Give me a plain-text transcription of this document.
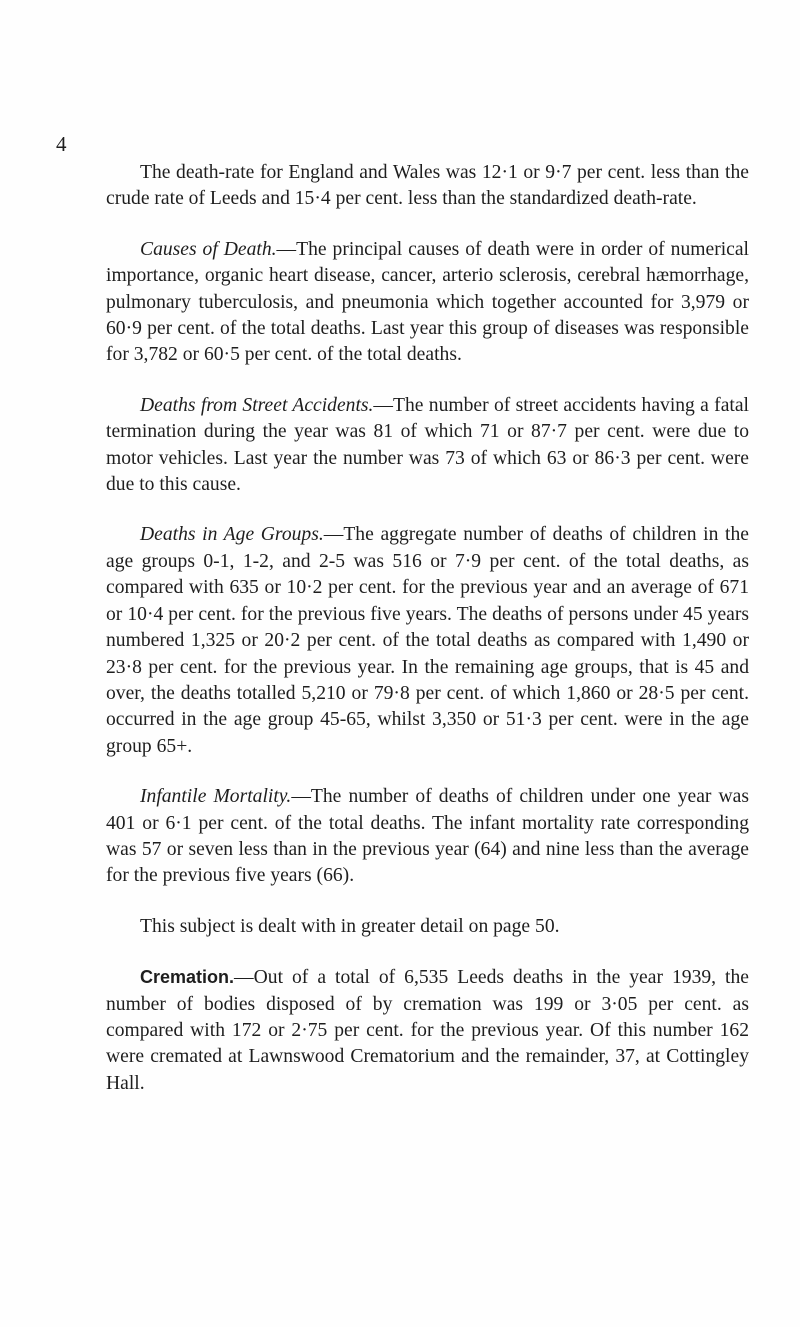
4

The death-rate for England and Wales was 12·1 or 9·7 per cent. less than the crude rate of Leeds and 15·4 per cent. less than the standardized death-rate.

Causes of Death.—The principal causes of death were in order of numerical importance, organic heart disease, cancer, arterio sclerosis, cerebral hæmorrhage, pulmonary tuberculosis, and pneumonia which together accounted for 3,979 or 60·9 per cent. of the total deaths. Last year this group of diseases was responsible for 3,782 or 60·5 per cent. of the total deaths.

Deaths from Street Accidents.—The number of street accidents having a fatal termination during the year was 81 of which 71 or 87·7 per cent. were due to motor vehicles. Last year the number was 73 of which 63 or 86·3 per cent. were due to this cause.

Deaths in Age Groups.—The aggregate number of deaths of children in the age groups 0-1, 1-2, and 2-5 was 516 or 7·9 per cent. of the total deaths, as compared with 635 or 10·2 per cent. for the previous year and an average of 671 or 10·4 per cent. for the previous five years. The deaths of persons under 45 years numbered 1,325 or 20·2 per cent. of the total deaths as compared with 1,490 or 23·8 per cent. for the previous year. In the remaining age groups, that is 45 and over, the deaths totalled 5,210 or 79·8 per cent. of which 1,860 or 28·5 per cent. occurred in the age group 45-65, whilst 3,350 or 51·3 per cent. were in the age group 65+.

Infantile Mortality.—The number of deaths of children under one year was 401 or 6·1 per cent. of the total deaths. The infant mortality rate corresponding was 57 or seven less than in the previous year (64) and nine less than the average for the previous five years (66).

This subject is dealt with in greater detail on page 50.

Cremation.—Out of a total of 6,535 Leeds deaths in the year 1939, the number of bodies disposed of by cremation was 199 or 3·05 per cent. as compared with 172 or 2·75 per cent. for the previous year. Of this number 162 were cremated at Lawnswood Crematorium and the remainder, 37, at Cottingley Hall.
